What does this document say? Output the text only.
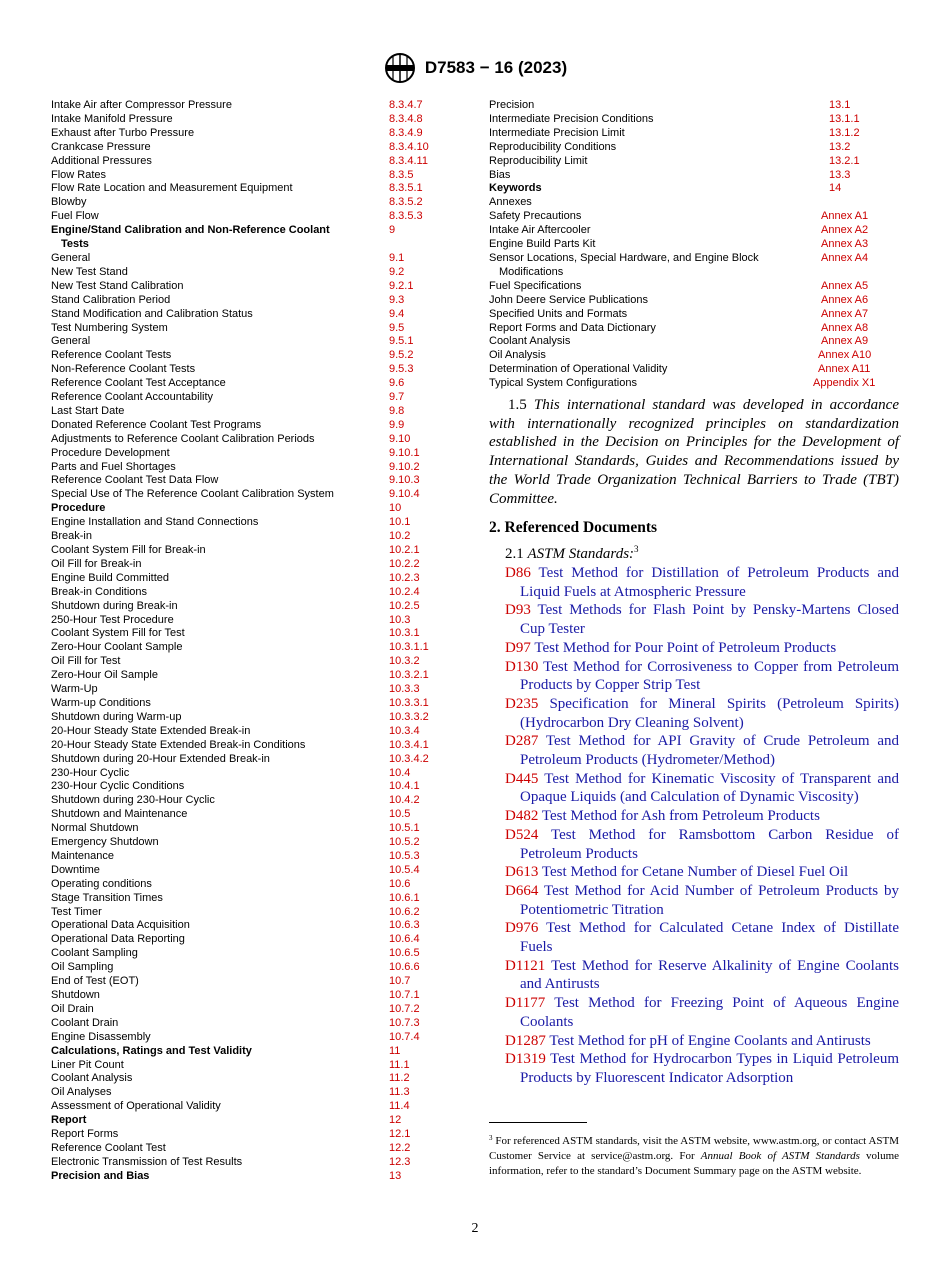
D7583 − 16 (2023)
Intake Air after Compressor Pressure	8.3.4.7
Intake Manifold Pressure	8.3.4.8
Exhaust after Turbo Pressure	8.3.4.9
Crankcase Pressure	8.3.4.10
Additional Pressures	8.3.4.11
Flow Rates	8.3.5
Flow Rate Location and Measurement Equipment	8.3.5.1
Blowby	8.3.5.2
Fuel Flow	8.3.5.3
Engine/Stand Calibration and Non-Reference Coolant
Tests
9
General	9.1
New Test Stand	9.2
New Test Stand Calibration	9.2.1
Stand Calibration Period	9.3
Stand Modification and Calibration Status	9.4
Test Numbering System	9.5
General	9.5.1
Reference Coolant Tests	9.5.2
Non-Reference Coolant Tests	9.5.3
Reference Coolant Test Acceptance	9.6
Reference Coolant Accountability	9.7
Last Start Date	9.8
Donated Reference Coolant Test Programs	9.9
Adjustments to Reference Coolant Calibration Periods	9.10
Procedure Development	9.10.1
Parts and Fuel Shortages	9.10.2
Reference Coolant Test Data Flow	9.10.3
Special Use of The Reference Coolant Calibration System	9.10.4
Procedure	10
Engine Installation and Stand Connections	10.1
Break-in	10.2
Coolant System Fill for Break-in	10.2.1
Oil Fill for Break-in	10.2.2
Engine Build Committed	10.2.3
Break-in Conditions	10.2.4
Shutdown during Break-in	10.2.5
250-Hour Test Procedure	10.3
Coolant System Fill for Test	10.3.1
Zero-Hour Coolant Sample	10.3.1.1
Oil Fill for Test	10.3.2
Zero-Hour Oil Sample	10.3.2.1
Warm-Up	10.3.3
Warm-up Conditions	10.3.3.1
Shutdown during Warm-up	10.3.3.2
20-Hour Steady State Extended Break-in	10.3.4
20-Hour Steady State Extended Break-in Conditions	10.3.4.1
Shutdown during 20-Hour Extended Break-in	10.3.4.2
230-Hour Cyclic	10.4
230-Hour Cyclic Conditions	10.4.1
Shutdown during 230-Hour Cyclic	10.4.2
Shutdown and Maintenance	10.5
Normal Shutdown	10.5.1
Emergency Shutdown	10.5.2
Maintenance	10.5.3
Downtime	10.5.4
Operating conditions	10.6
Stage Transition Times	10.6.1
Test Timer	10.6.2
Operational Data Acquisition	10.6.3
Operational Data Reporting	10.6.4
Coolant Sampling	10.6.5
Oil Sampling	10.6.6
End of Test (EOT)	10.7
Shutdown	10.7.1
Oil Drain	10.7.2
Coolant Drain	10.7.3
Engine Disassembly	10.7.4
Calculations, Ratings and Test Validity	11
Liner Pit Count	11.1
Coolant Analysis	11.2
Oil Analyses	11.3
Assessment of Operational Validity	11.4
Report	12
Report Forms	12.1
Reference Coolant Test	12.2
Electronic Transmission of Test Results	12.3
Precision and Bias	13
Precision	13.1
Intermediate Precision Conditions	13.1.1
Intermediate Precision Limit	13.1.2
Reproducibility Conditions	13.2
Reproducibility Limit	13.2.1
Bias	13.3
Keywords	14
Annexes
Safety Precautions	Annex A1
Intake Air Aftercooler	Annex A2
Engine Build Parts Kit	Annex A3
Sensor Locations, Special Hardware, and Engine Block
Modifications
Annex A4
Fuel Specifications	Annex A5
John Deere Service Publications	Annex A6
Specified Units and Formats	Annex A7
Report Forms and Data Dictionary	Annex A8
Coolant Analysis	Annex A9
Oil Analysis	Annex A10
Determination of Operational Validity	Annex A11
Typical System Configurations	Appendix X1
1.5 This international standard was developed in accordance with internationally recognized principles on standardization established in the Decision on Principles for the Development of International Standards, Guides and Recommendations issued by the World Trade Organization Technical Barriers to Trade (TBT) Committee.
2. Referenced Documents
2.1 ASTM Standards:$^3$

D86 Test Method for Distillation of Petroleum Products and Liquid Fuels at Atmospheric Pressure

D93 Test Methods for Flash Point by Pensky-Martens Closed Cup Tester

D97 Test Method for Pour Point of Petroleum Products

D130 Test Method for Corrosiveness to Copper from Petroleum Products by Copper Strip Test

D235 Specification for Mineral Spirits (Petroleum Spirits) (Hydrocarbon Dry Cleaning Solvent)

D287 Test Method for API Gravity of Crude Petroleum and Petroleum Products (Hydrometer/Method)

D445 Test Method for Kinematic Viscosity of Transparent and Opaque Liquids (and Calculation of Dynamic Viscosity)

D482 Test Method for Ash from Petroleum Products

D524 Test Method for Ramsbottom Carbon Residue of Petroleum Products

D613 Test Method for Cetane Number of Diesel Fuel Oil

D664 Test Method for Acid Number of Petroleum Products by Potentiometric Titration

D976 Test Method for Calculated Cetane Index of Distillate Fuels

D1121 Test Method for Reserve Alkalinity of Engine Coolants and Antirusts

D1177 Test Method for Freezing Point of Aqueous Engine Coolants

D1287 Test Method for pH of Engine Coolants and Antirusts

D1319 Test Method for Hydrocarbon Types in Liquid Petroleum Products by Fluorescent Indicator Adsorption

$^3$ For referenced ASTM standards, visit the ASTM website, www.astm.org, or contact ASTM Customer Service at service@astm.org. For Annual Book of ASTM Standards volume information, refer to the standard’s Document Summary page on the ASTM website.
2
